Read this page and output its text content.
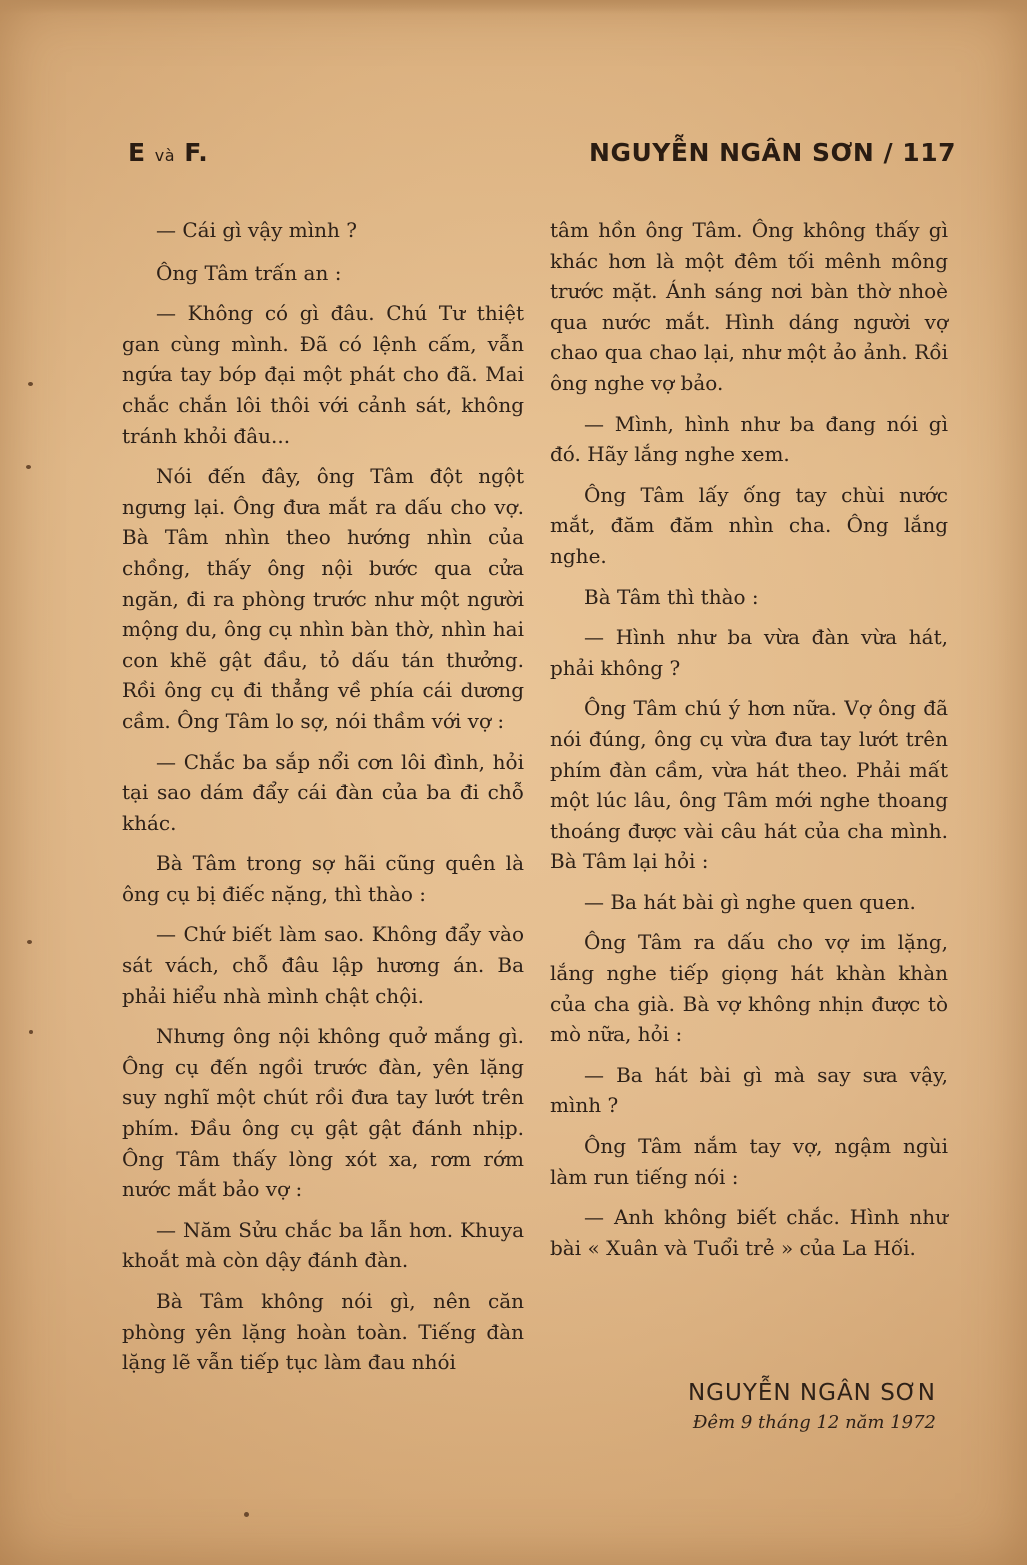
E và F.	NGUYỄN NGÂN SƠN / 117

— Cái gì vậy mình ?

Ông Tâm trấn an :

— Không có gì đâu. Chú Tư thiệt gan cùng mình. Đã có lệnh cấm, vẫn ngứa tay bóp đại một phát cho đã. Mai chắc chắn lôi thôi với cảnh sát, không tránh khỏi đâu...

Nói đến đây, ông Tâm đột ngột ngưng lại. Ông đưa mắt ra dấu cho vợ. Bà Tâm nhìn theo hướng nhìn của chồng, thấy ông nội bước qua cửa ngăn, đi ra phòng trước như một người mộng du, ông cụ nhìn bàn thờ, nhìn hai con khẽ gật đầu, tỏ dấu tán thưởng. Rồi ông cụ đi thẳng về phía cái dương cầm. Ông Tâm lo sợ, nói thầm với vợ :

— Chắc ba sắp nổi cơn lôi đình, hỏi tại sao dám đẩy cái đàn của ba đi chỗ khác.

Bà Tâm trong sợ hãi cũng quên là ông cụ bị điếc nặng, thì thào :

— Chứ biết làm sao. Không đẩy vào sát vách, chỗ đâu lập hương án. Ba phải hiểu nhà mình chật chội.

Nhưng ông nội không quở mắng gì. Ông cụ đến ngồi trước đàn, yên lặng suy nghĩ một chút rồi đưa tay lướt trên phím. Đầu ông cụ gật gật đánh nhịp. Ông Tâm thấy lòng xót xa, rơm rớm nước mắt bảo vợ :

— Năm Sửu chắc ba lẫn hơn. Khuya khoắt mà còn dậy đánh đàn.

Bà Tâm không nói gì, nên căn phòng yên lặng hoàn toàn. Tiếng đàn lặng lẽ vẫn tiếp tục làm đau nhói

tâm hồn ông Tâm. Ông không thấy gì khác hơn là một đêm tối mênh mông trước mặt. Ánh sáng nơi bàn thờ nhoè qua nước mắt. Hình dáng người vợ chao qua chao lại, như một ảo ảnh. Rồi ông nghe vợ bảo.

— Mình, hình như ba đang nói gì đó. Hãy lắng nghe xem.

Ông Tâm lấy ống tay chùi nước mắt, đăm đăm nhìn cha. Ông lắng nghe.

Bà Tâm thì thào :

— Hình như ba vừa đàn vừa hát, phải không ?

Ông Tâm chú ý hơn nữa. Vợ ông đã nói đúng, ông cụ vừa đưa tay lướt trên phím đàn cầm, vừa hát theo. Phải mất một lúc lâu, ông Tâm mới nghe thoang thoáng được vài câu hát của cha mình. Bà Tâm lại hỏi :

— Ba hát bài gì nghe quen quen.

Ông Tâm ra dấu cho vợ im lặng, lắng nghe tiếp giọng hát khàn khàn của cha già. Bà vợ không nhịn được tò mò nữa, hỏi :

— Ba hát bài gì mà say sưa vậy, mình ?

Ông Tâm nắm tay vợ, ngậm ngùi làm run tiếng nói :

— Anh không biết chắc. Hình như bài « Xuân và Tuổi trẻ » của La Hối.

NGUYỄN NGÂN SƠN
Đêm 9 tháng 12 năm 1972
